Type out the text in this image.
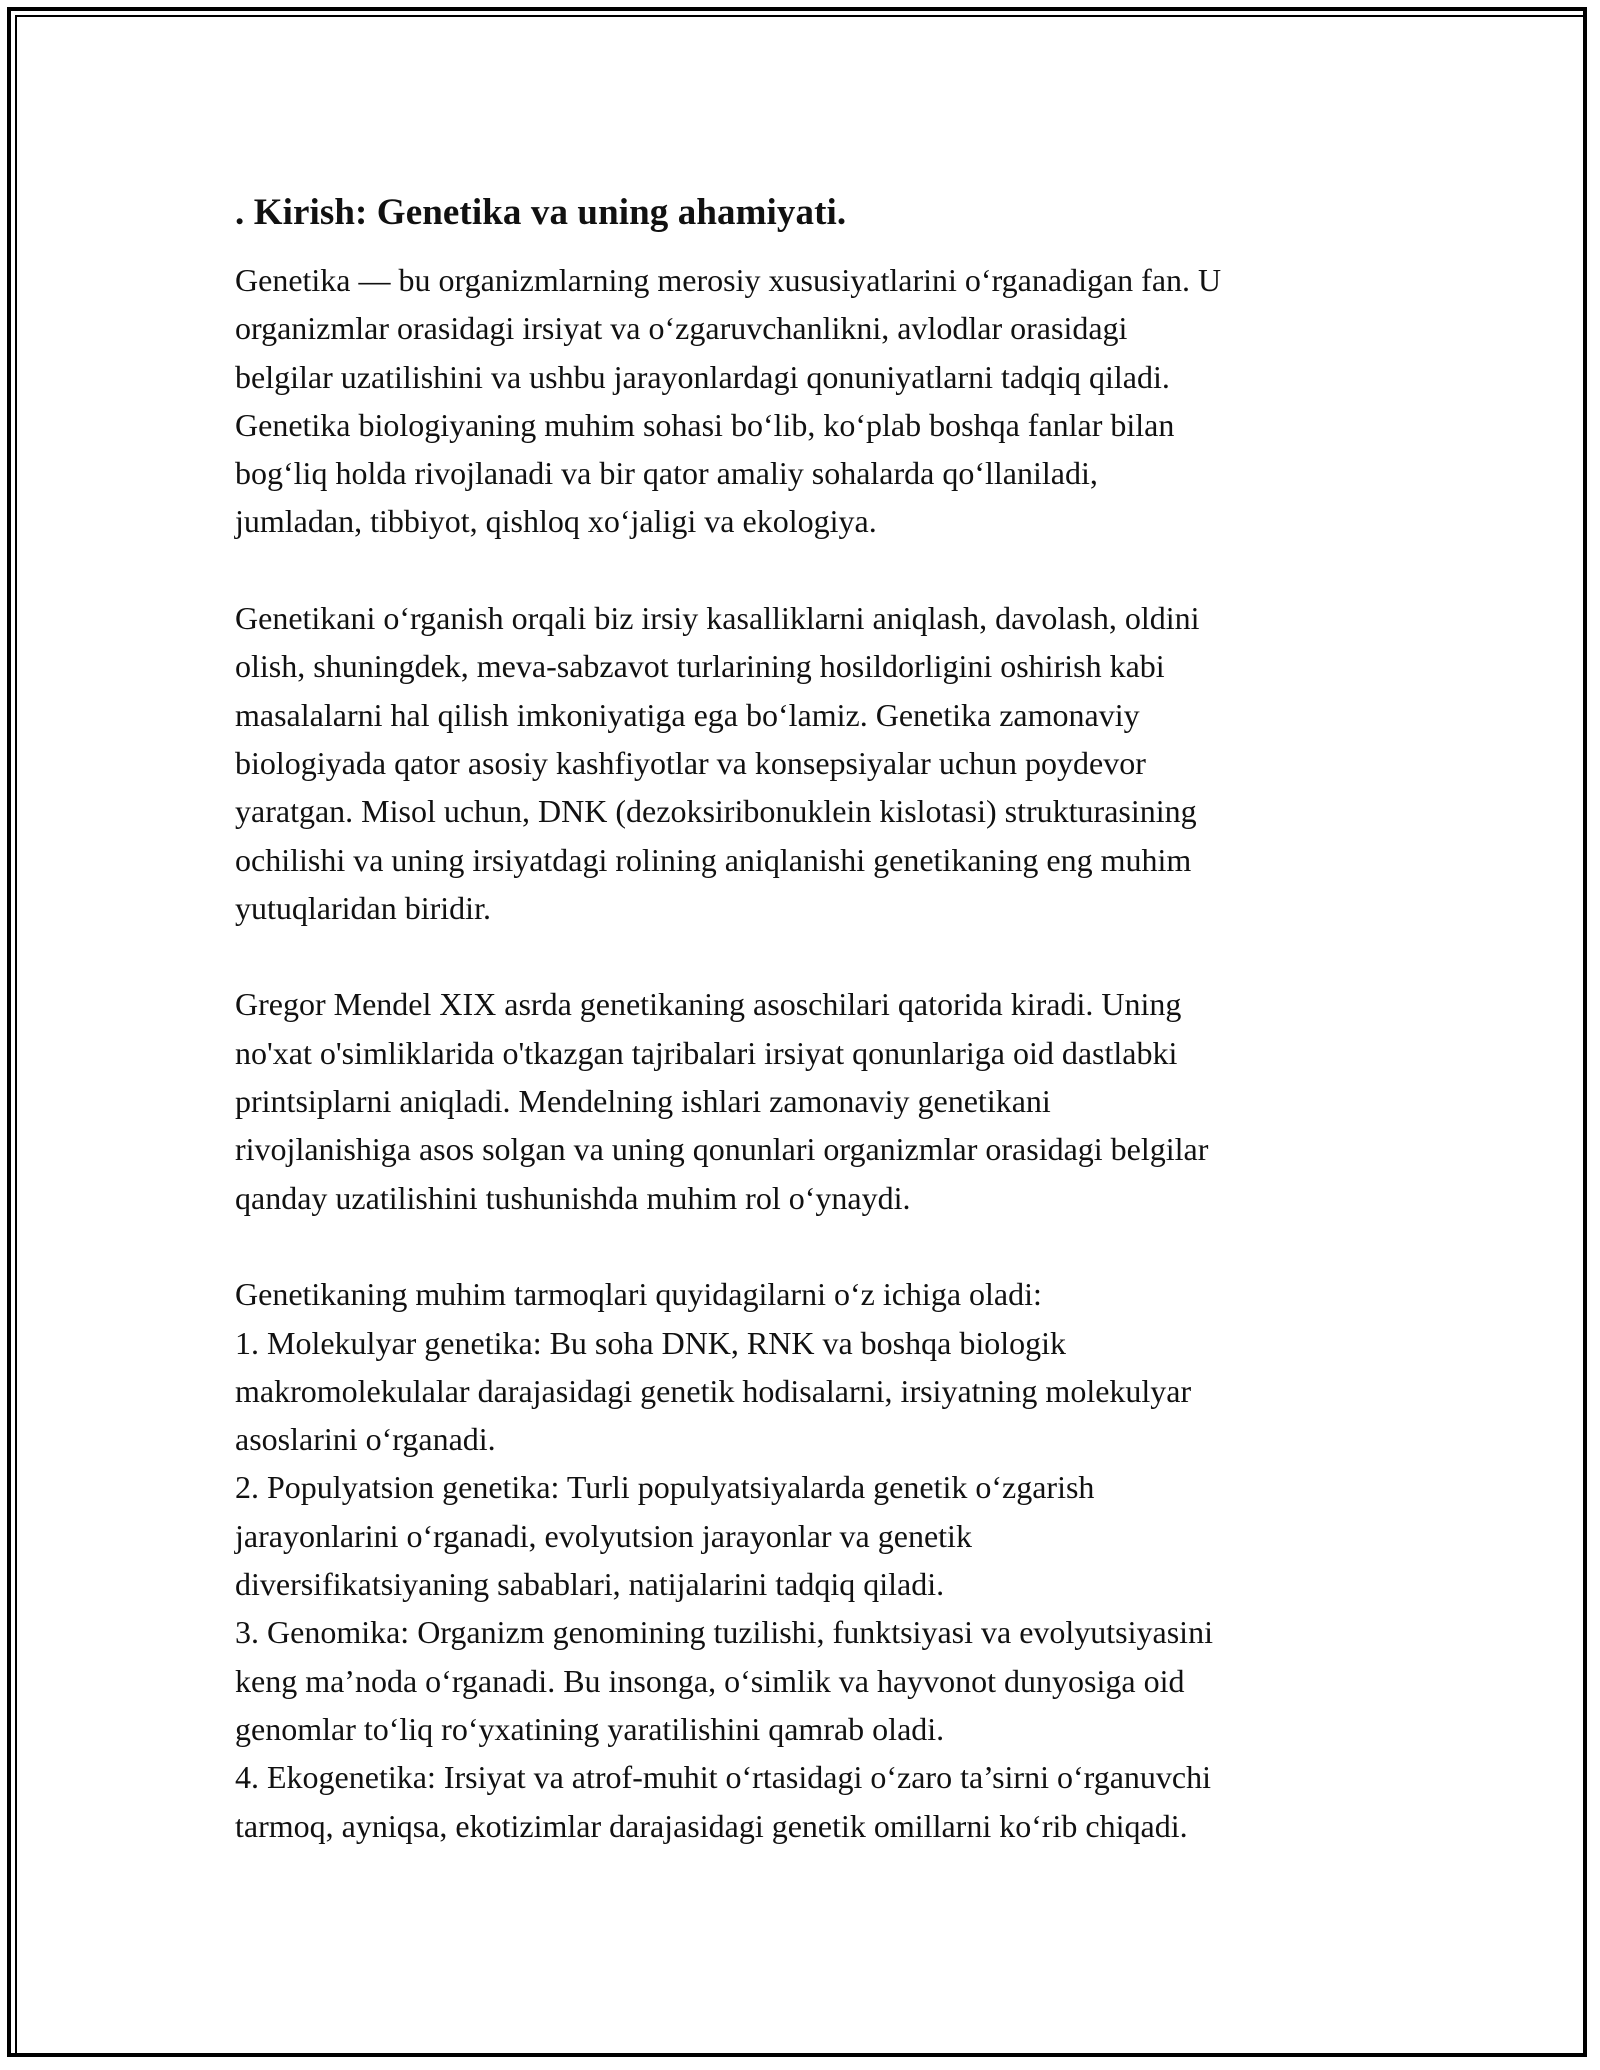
. Kirish: Genetika va uning ahamiyati.

Genetika — bu organizmlarning merosiy xususiyatlarini o‘rganadigan fan. U
organizmlar orasidagi irsiyat va o‘zgaruvchanlikni, avlodlar orasidagi
belgilar uzatilishini va ushbu jarayonlardagi qonuniyatlarni tadqiq qiladi.
Genetika biologiyaning muhim sohasi bo‘lib, ko‘plab boshqa fanlar bilan
bog‘liq holda rivojlanadi va bir qator amaliy sohalarda qo‘llaniladi,
jumladan, tibbiyot, qishloq xo‘jaligi va ekologiya.

Genetikani o‘rganish orqali biz irsiy kasalliklarni aniqlash, davolash, oldini
olish, shuningdek, meva-sabzavot turlarining hosildorligini oshirish kabi
masalalarni hal qilish imkoniyatiga ega bo‘lamiz. Genetika zamonaviy
biologiyada qator asosiy kashfiyotlar va konsepsiyalar uchun poydevor
yaratgan. Misol uchun, DNK (dezoksiribonuklein kislotasi) strukturasining
ochilishi va uning irsiyatdagi rolining aniqlanishi genetikaning eng muhim
yutuqlaridan biridir.

Gregor Mendel XIX asrda genetikaning asoschilari qatorida kiradi. Uning
no'xat o'simliklarida o'tkazgan tajribalari irsiyat qonunlariga oid dastlabki
printsiplarni aniqladi. Mendelning ishlari zamonaviy genetikani
rivojlanishiga asos solgan va uning qonunlari organizmlar orasidagi belgilar
qanday uzatilishini tushunishda muhim rol o‘ynaydi.

Genetikaning muhim tarmoqlari quyidagilarni o‘z ichiga oladi:
1. Molekulyar genetika: Bu soha DNK, RNK va boshqa biologik
makromolekulalar darajasidagi genetik hodisalarni, irsiyatning molekulyar
asoslarini o‘rganadi.
2. Populyatsion genetika: Turli populyatsiyalarda genetik o‘zgarish
jarayonlarini o‘rganadi, evolyutsion jarayonlar va genetik
diversifikatsiyaning sabablari, natijalarini tadqiq qiladi.
3. Genomika: Organizm genomining tuzilishi, funktsiyasi va evolyutsiyasini
keng ma’noda o‘rganadi. Bu insonga, o‘simlik va hayvonot dunyosiga oid
genomlar to‘liq ro‘yxatining yaratilishini qamrab oladi.
4. Ekogenetika: Irsiyat va atrof-muhit o‘rtasidagi o‘zaro ta’sirni o‘rganuvchi
tarmoq, ayniqsa, ekotizimlar darajasidagi genetik omillarni ko‘rib chiqadi.
